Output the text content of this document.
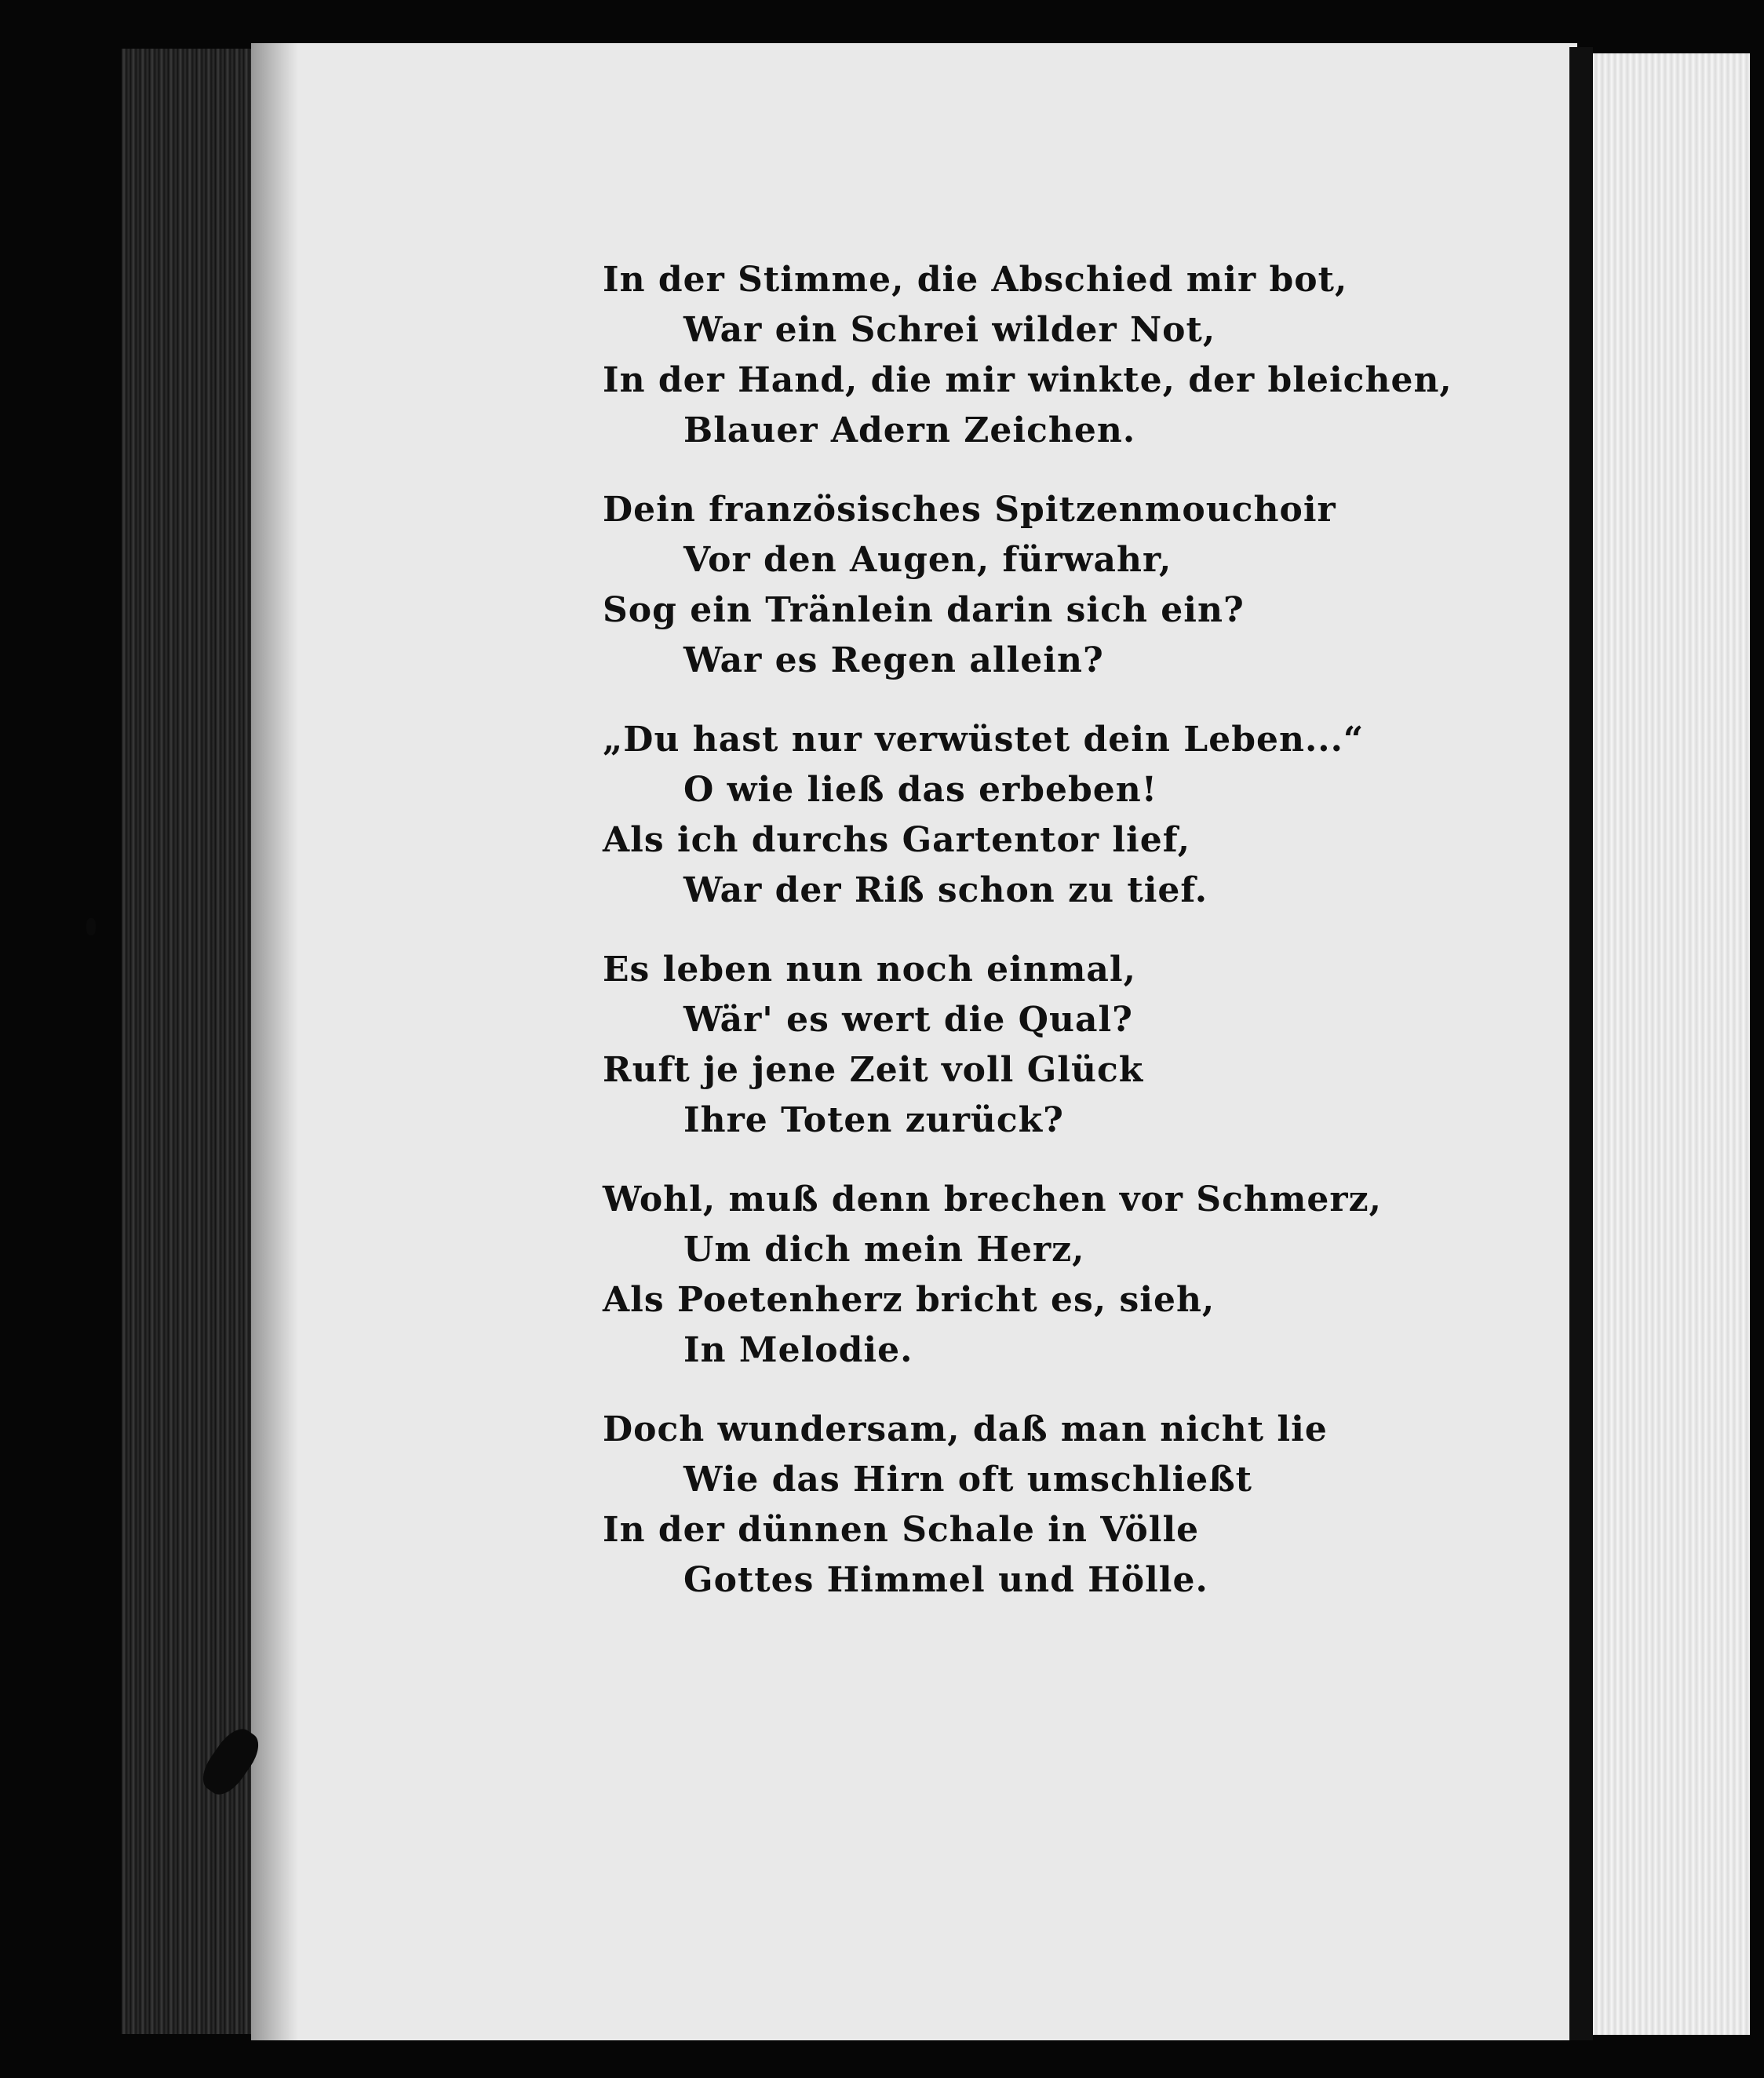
In der Stimme, die Abschied mir bot,
War ein Schrei wilder Not,
In der Hand, die mir winkte, der bleichen,
Blauer Adern Zeichen.
Dein französisches Spitzenmouchoir
Vor den Augen, fürwahr,
Sog ein Tränlein darin sich ein?
War es Regen allein?
„Du hast nur verwüstet dein Leben...“
O wie ließ das erbeben!
Als ich durchs Gartentor lief,
War der Riß schon zu tief.
Es leben nun noch einmal,
Wär' es wert die Qual?
Ruft je jene Zeit voll Glück
Ihre Toten zurück?
Wohl, muß denn brechen vor Schmerz,
Um dich mein Herz,
Als Poetenherz bricht es, sieh,
In Melodie.
Doch wundersam, daß man nicht lie
Wie das Hirn oft umschließt
In der dünnen Schale in Völle
Gottes Himmel und Hölle.
